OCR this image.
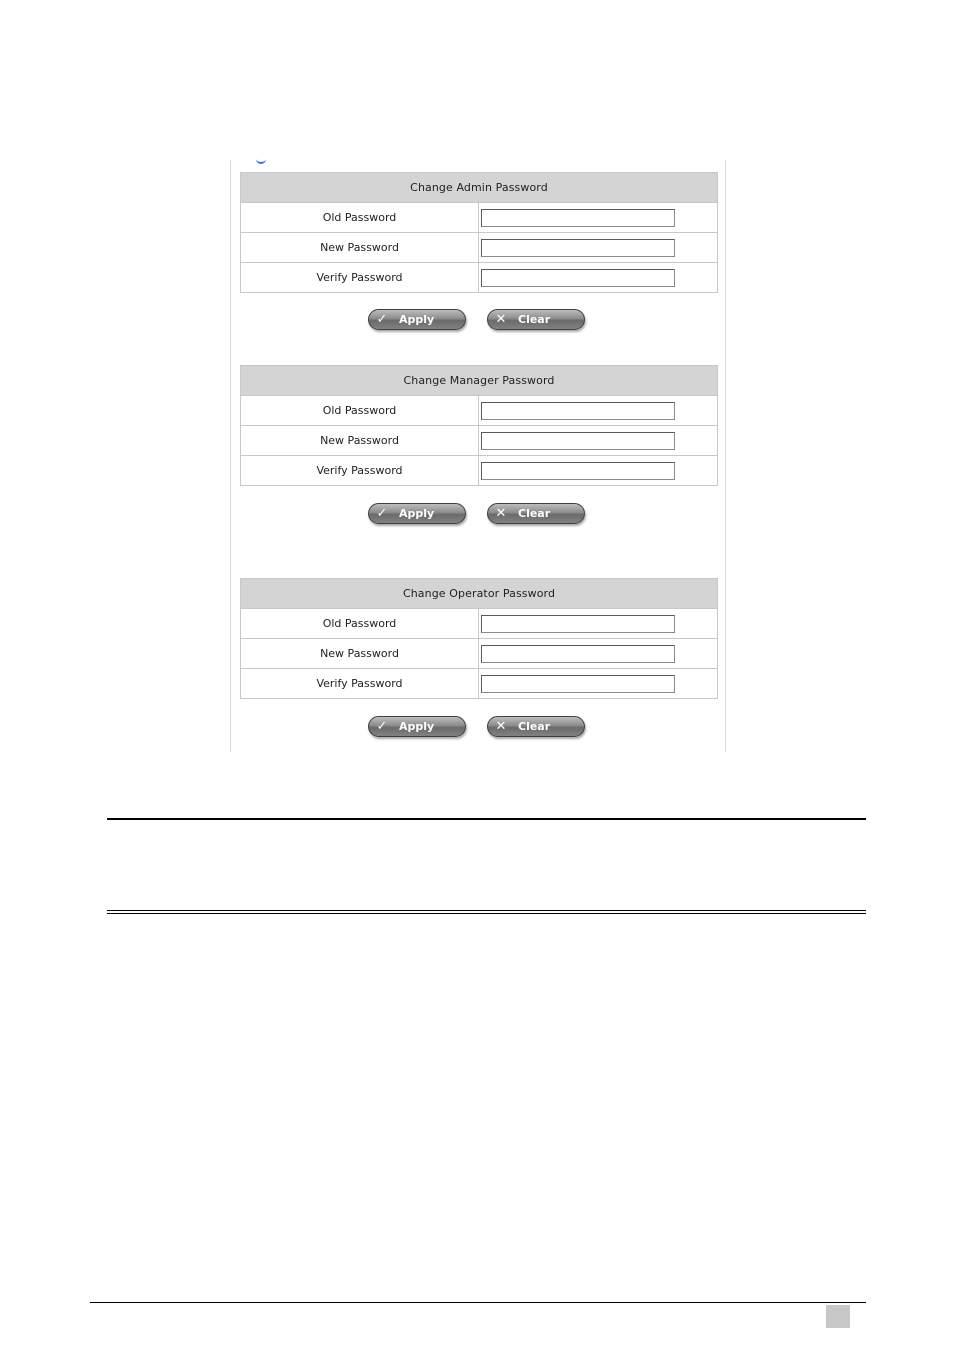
Change Admin Password
Old Password
New Password
Verify Password
✓	Apply	✕	Clear
Change Manager Password
Old Password
New Password
Verify Password
✓	Apply	✕	Clear
Change Operator Password
Old Password
New Password
Verify Password
✓	Apply	✕	Clear
